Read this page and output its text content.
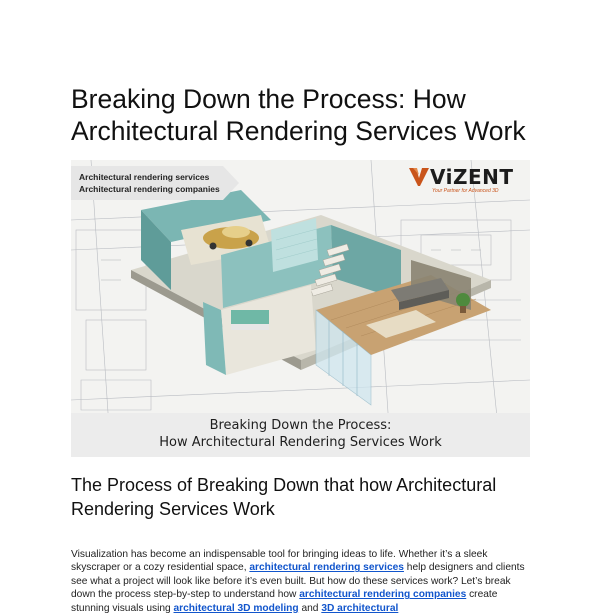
Breaking Down the Process: How Architectural Rendering Services Work
Architectural rendering services
Architectural rendering companies	ViZENT
Your Partner for Advanced 3D
Breaking Down the Process:
How Architectural Rendering Services Work
The Process of Breaking Down that how Architectural Rendering Services Work

Visualization has become an indispensable tool for bringing ideas to life. Whether it’s a sleek skyscraper or a cozy residential space, architectural rendering services help designers and clients see what a project will look like before it’s even built. But how do these services work? Let’s break down the process step-by-step to understand how architectural rendering companies create stunning visuals using architectural 3D modeling and 3D architectural
